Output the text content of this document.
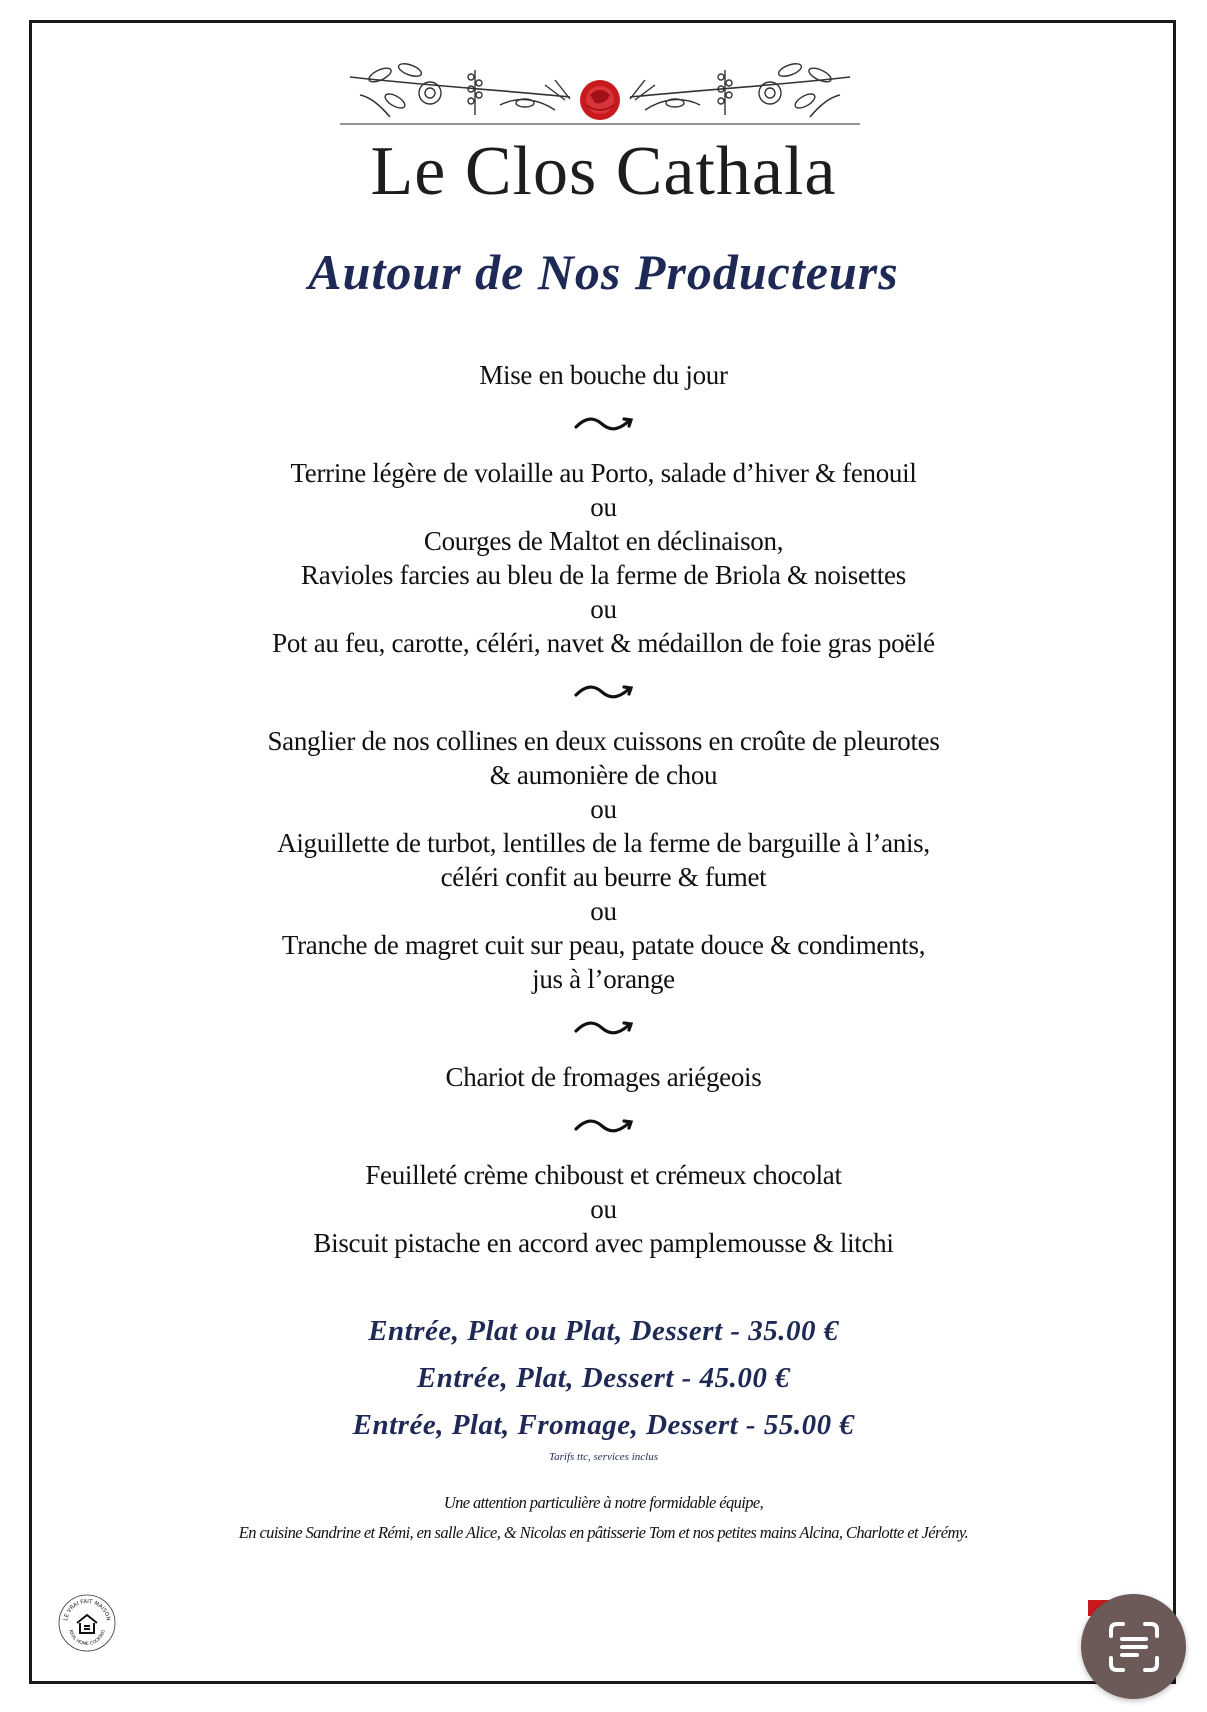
Le Clos Cathala
Autour de Nos Producteurs
Mise en bouche du jour
Terrine légère de volaille au Porto, salade d’hiver & fenouil
ou
Courges de Maltot en déclinaison,
Ravioles farcies au bleu de la ferme de Briola & noisettes
ou
Pot au feu, carotte, céléri, navet & médaillon de foie gras poëlé
Sanglier de nos collines en deux cuissons en croûte de pleurotes
& aumonière de chou
ou
Aiguillette de turbot, lentilles de la ferme de barguille à l’anis,
céléri confit au beurre & fumet
ou
Tranche de magret cuit sur peau, patate douce & condiments,
jus à l’orange
Chariot de fromages ariégeois
Feuilleté crème chiboust et crémeux chocolat
ou
Biscuit pistache en accord avec pamplemousse & litchi
Entrée, Plat ou Plat, Dessert - 35.00 €
Entrée, Plat, Dessert - 45.00 €
Entrée, Plat, Fromage, Dessert - 55.00 €
Tarifs ttc, services inclus
Une attention particulière à notre formidable équipe,
En cuisine Sandrine et Rémi, en salle Alice, & Nicolas en pâtisserie Tom et nos petites mains Alcina, Charlotte et Jérémy.
LE VRAI FAIT MAISON
REAL HOME COOKING
